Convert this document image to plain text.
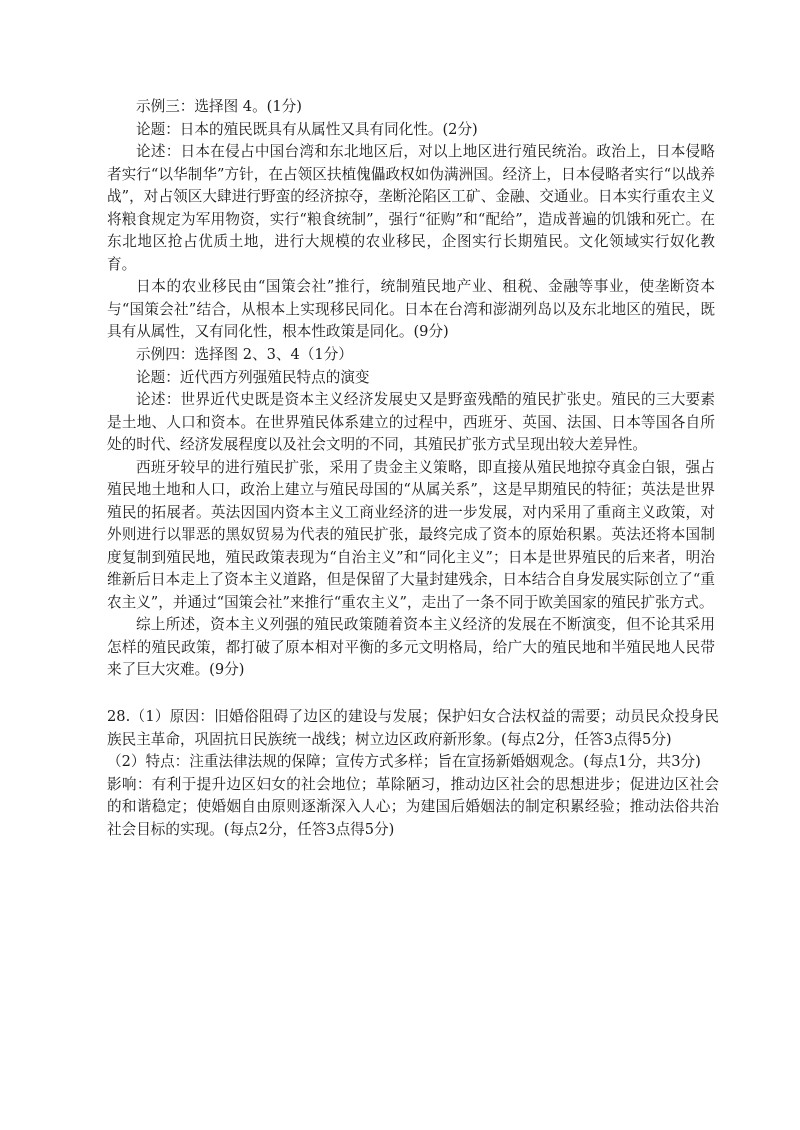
示例三：选择图 4。(1分)

论题：日本的殖民既具有从属性又具有同化性。(2分)

论述：日本在侵占中国台湾和东北地区后，对以上地区进行殖民统治。政治上，日本侵略者实行“以华制华”方针，在占领区扶植傀儡政权如伪满洲国。经济上，日本侵略者实行“以战养战”，对占领区大肆进行野蛮的经济掠夺，垄断沦陷区工矿、金融、交通业。日本实行重农主义将粮食规定为军用物资，实行“粮食统制”，强行“征购”和“配给”，造成普遍的饥饿和死亡。在东北地区抢占优质土地，进行大规模的农业移民，企图实行长期殖民。文化领域实行奴化教育。

日本的农业移民由“国策会社”推行，统制殖民地产业、租税、金融等事业，使垄断资本与“国策会社”结合，从根本上实现移民同化。日本在台湾和澎湖列岛以及东北地区的殖民，既具有从属性，又有同化性，根本性政策是同化。(9分)

示例四：选择图 2、3、4（1分）

论题：近代西方列强殖民特点的演变

论述：世界近代史既是资本主义经济发展史又是野蛮残酷的殖民扩张史。殖民的三大要素是土地、人口和资本。在世界殖民体系建立的过程中，西班牙、英国、法国、日本等国各自所处的时代、经济发展程度以及社会文明的不同，其殖民扩张方式呈现出较大差异性。

西班牙较早的进行殖民扩张，采用了贵金主义策略，即直接从殖民地掠夺真金白银，强占殖民地土地和人口，政治上建立与殖民母国的“从属关系”，这是早期殖民的特征；英法是世界殖民的拓展者。英法因国内资本主义工商业经济的进一步发展，对内采用了重商主义政策，对外则进行以罪恶的黑奴贸易为代表的殖民扩张，最终完成了资本的原始积累。英法还将本国制度复制到殖民地，殖民政策表现为“自治主义”和“同化主义”；日本是世界殖民的后来者，明治维新后日本走上了资本主义道路，但是保留了大量封建残余，日本结合自身发展实际创立了“重农主义”，并通过“国策会社”来推行“重农主义”，走出了一条不同于欧美国家的殖民扩张方式。

综上所述，资本主义列强的殖民政策随着资本主义经济的发展在不断演变，但不论其采用怎样的殖民政策，都打破了原本相对平衡的多元文明格局，给广大的殖民地和半殖民地人民带来了巨大灾难。(9分)

28.（1）原因：旧婚俗阻碍了边区的建设与发展；保护妇女合法权益的需要；动员民众投身民族民主革命，巩固抗日民族统一战线；树立边区政府新形象。(每点2分，任答3点得5分)

（2）特点：注重法律法规的保障；宣传方式多样；旨在宣扬新婚姻观念。(每点1分，共3分)

影响：有利于提升边区妇女的社会地位；革除陋习，推动边区社会的思想进步；促进边区社会的和谐稳定；使婚姻自由原则逐渐深入人心；为建国后婚姻法的制定积累经验；推动法俗共治社会目标的实现。(每点2分，任答3点得5分)
